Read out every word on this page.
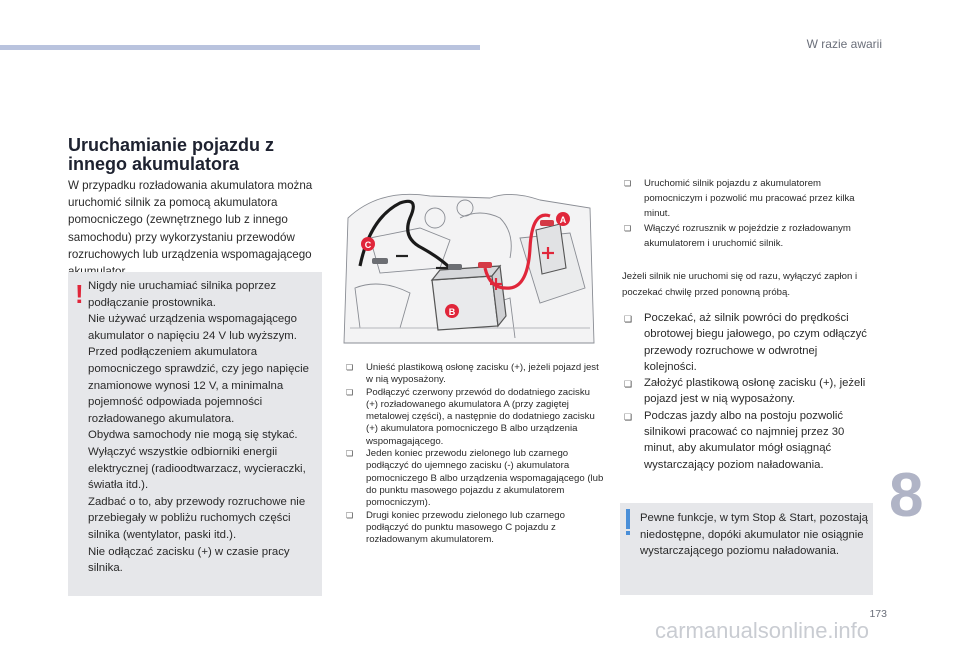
W razie awarii
Uruchamianie pojazdu z
innego akumulatora
W przypadku rozładowania akumulatora można uruchomić silnik za pomocą akumulatora pomocniczego (zewnętrznego lub z innego samochodu) przy wykorzystaniu przewodów rozruchowych lub urządzenia wspomagającego
! Nigdy nie uruchamiać silnika poprzez podłączanie prostownika.

Nie używać urządzenia wspomagającego akumulator o napięciu 24 V lub wyższym.

Przed podłączeniem akumulatora pomocniczego sprawdzić, czy jego napięcie znamionowe wynosi 12 V, a minimalna pojemność odpowiada pojemności rozładowanego akumulatora.

Obydwa samochody nie mogą się stykać.

Wyłączyć wszystkie odbiorniki energii elektrycznej (radioodtwarzacz, wycieraczki, światła itd.).

Zadbać o to, aby przewody rozruchowe nie przebiegały w pobliżu ruchomych części silnika (wentylator, paski itd.).

Nie odłączać zacisku (+) w czasie pracy silnika.

A
B
C
❏ Unieść plastikową osłonę zacisku (+), jeżeli pojazd jest w nią wyposażony.
❏ Podłączyć czerwony przewód do dodatniego zacisku (+) rozładowanego akumulatora A (przy zagiętej metalowej części), a następnie do dodatniego zacisku (+) akumulatora pomocniczego B albo urządzenia wspomagającego.
❏ Jeden koniec przewodu zielonego lub czarnego podłączyć do ujemnego zacisku (-) akumulatora pomocniczego B albo urządzenia wspomagającego (lub do punktu masowego pojazdu z akumulatorem pomocniczym).
❏ Drugi koniec przewodu zielonego lub czarnego podłączyć do punktu masowego C pojazdu z rozładowanym akumulatorem.
❏ Uruchomić silnik pojazdu z akumulatorem pomocniczym i pozwolić mu pracować przez kilka minut.
❏ Włączyć rozrusznik w pojeździe z rozładowanym akumulatorem i uruchomić silnik.
Jeżeli silnik nie uruchomi się od razu, wyłączyć zapłon i poczekać chwilę przed ponowną próbą.
❏ Poczekać, aż silnik powróci do prędkości obrotowej biegu jałowego, po czym odłączyć przewody rozruchowe w odwrotnej kolejności.
❏ Założyć plastikową osłonę zacisku (+), jeżeli pojazd jest w nią wyposażony.
❏ Podczas jazdy albo na postoju pozwolić silnikowi pracować co najmniej przez 30 minut, aby akumulator mógł osiągnąć wystarczający poziom naładowania.
Pewne funkcje, w tym Stop & Start, pozostają niedostępne, dopóki akumulator nie osiągnie wystarczającego poziomu naładowania.
8
173
carmanualsonline.info
